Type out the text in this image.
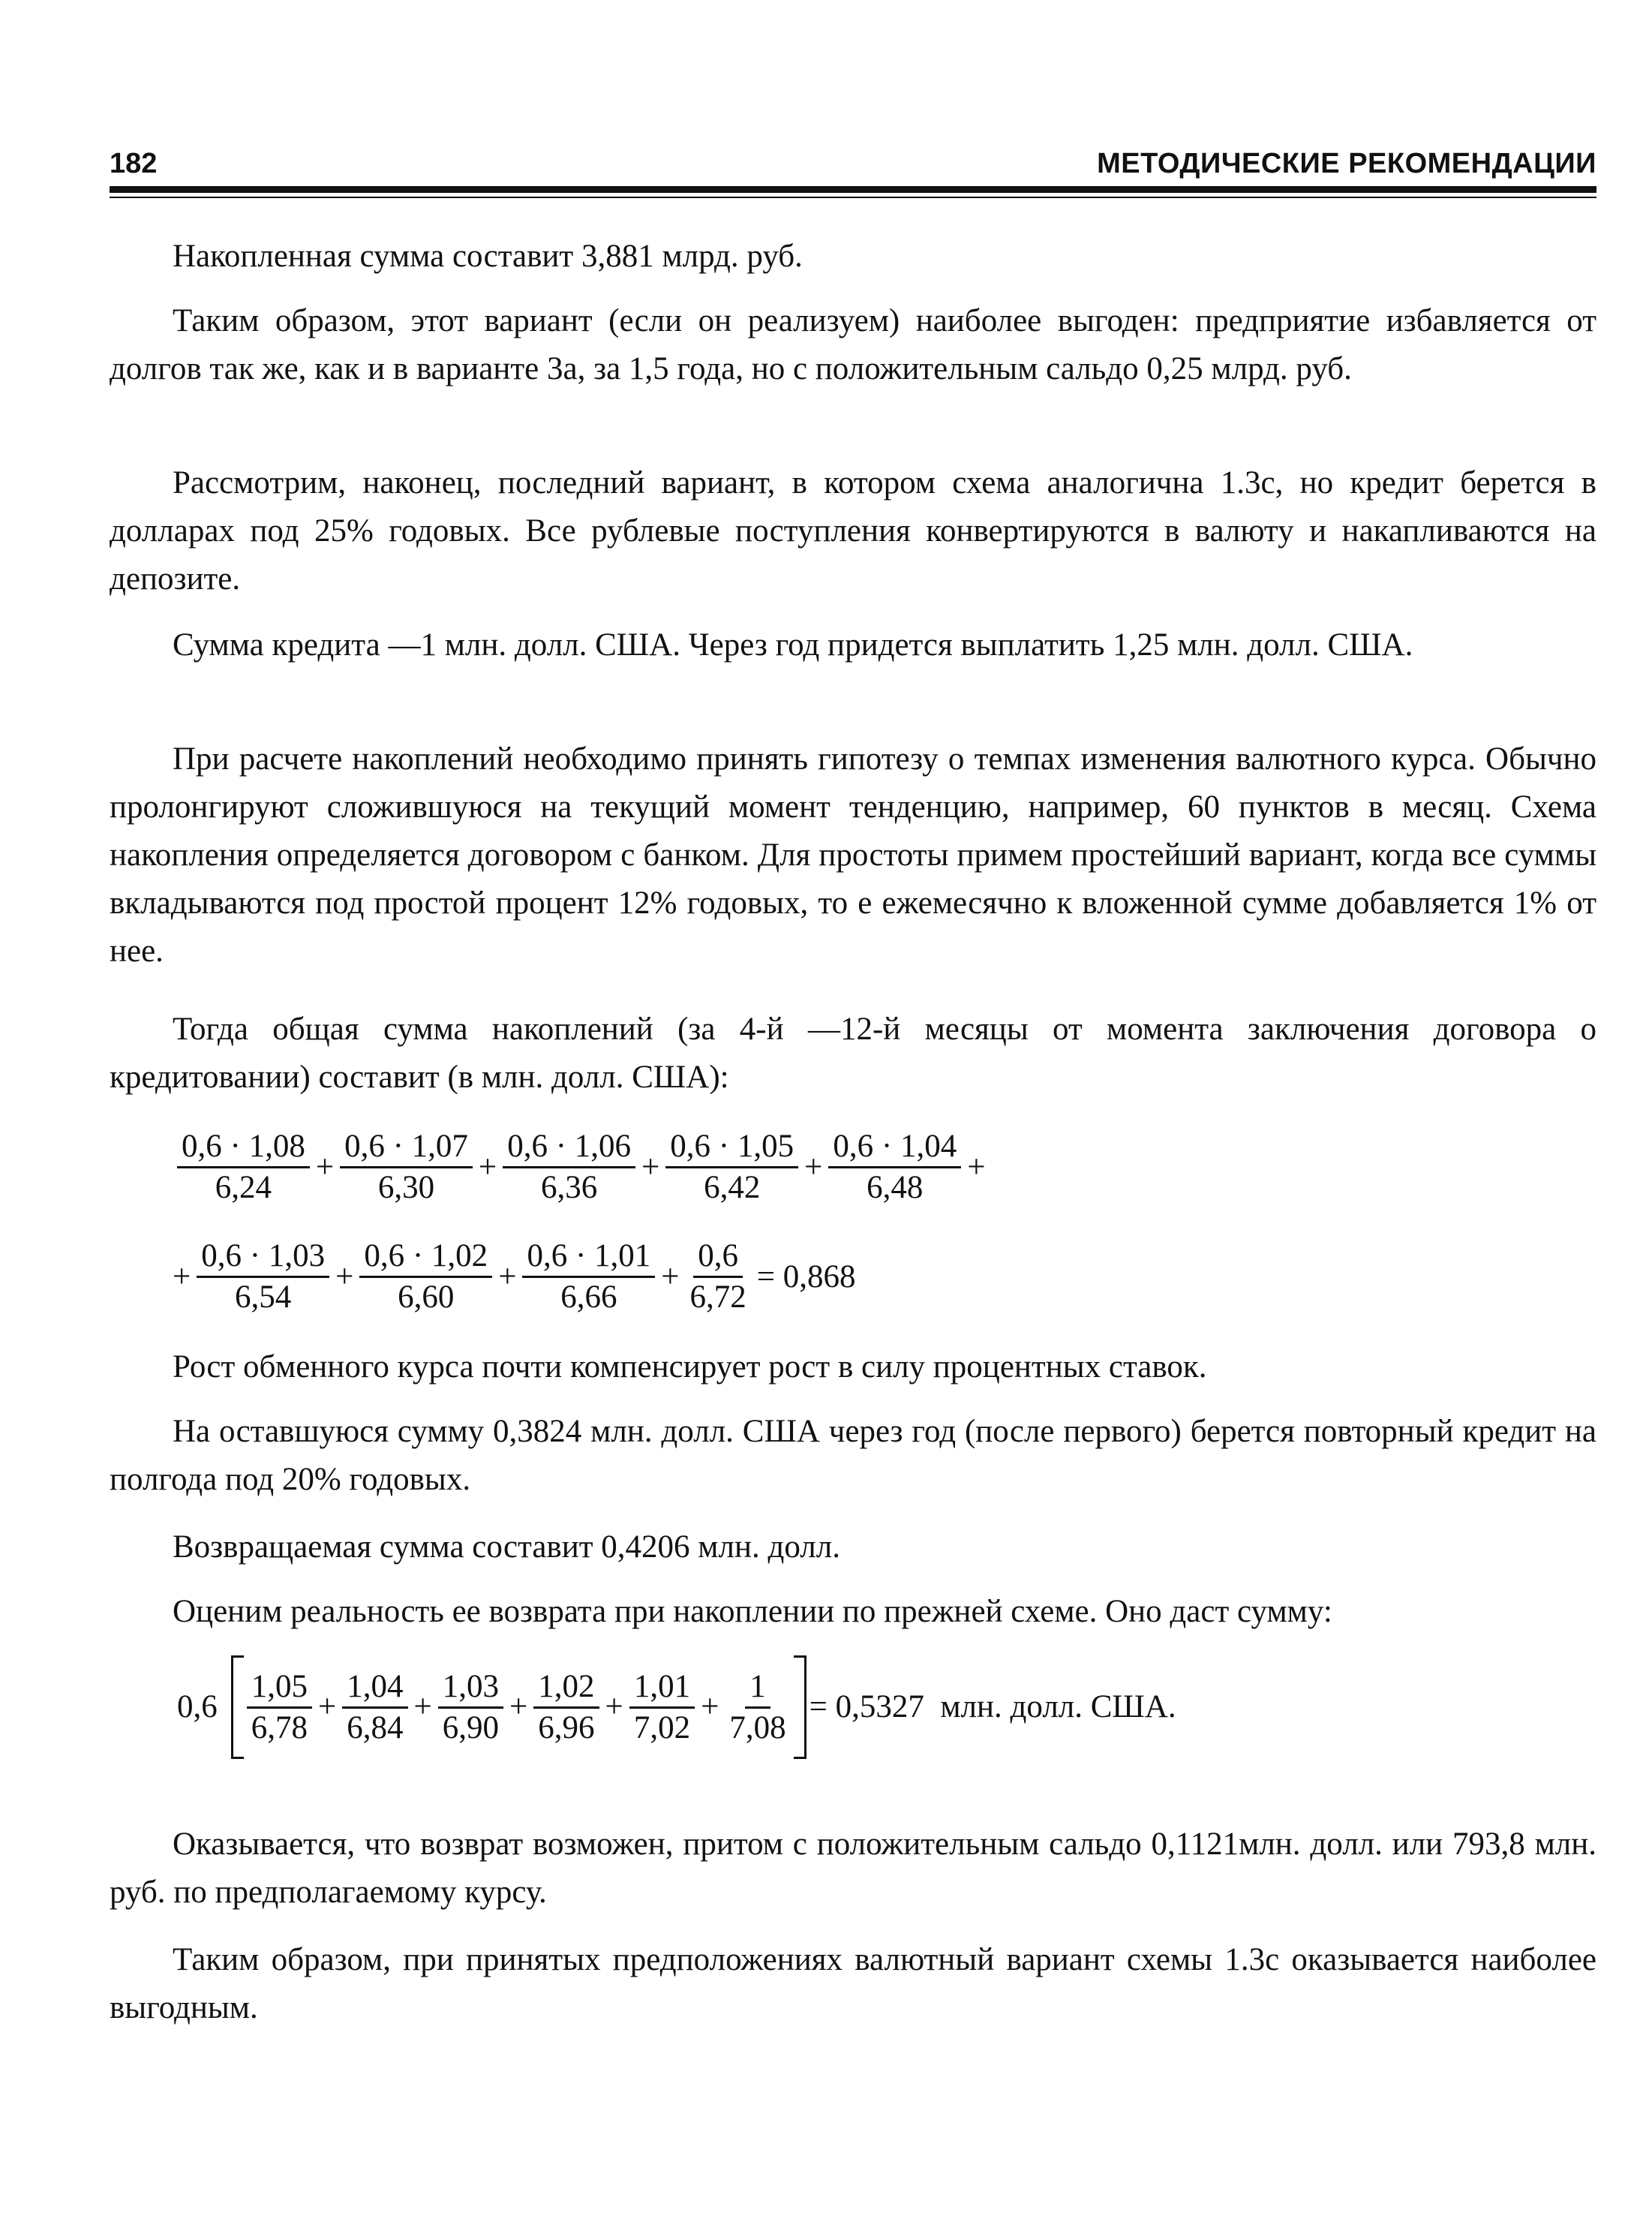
182	МЕТОДИЧЕСКИЕ РЕКОМЕНДАЦИИ

Накопленная сумма составит 3,881 млрд. руб.

Таким образом, этот вариант (если он реализуем) наиболее выгоден: предприятие избавляется от долгов так же, как и в варианте 3а, за 1,5 года, но с положительным сальдо 0,25 млрд. руб.

Рассмотрим, наконец, последний вариант, в котором схема аналогична 1.3с, но кредит берется в долларах под 25% годовых. Все рублевые поступления конвертируются в валюту и накапливаются на депозите.

Сумма кредита —1 млн. долл. США. Через год придется выплатить 1,25 млн. долл. США.

При расчете накоплений необходимо принять гипотезу о темпах изменения валютного курса. Обычно пролонгируют сложившуюся на текущий момент тенденцию, например, 60 пунктов в месяц. Схема накопления определяется договором с банком. Для простоты примем простейший вариант, когда все суммы вкладываются под простой процент 12% годовых, то е ежемесячно к вложенной сумме добавляется 1% от нее.

Тогда общая сумма накоплений (за 4-й —12-й месяцы от момента заключения договора о кредитовании) составит (в млн. долл. США):

$\frac{0,6 \cdot 1,08}{6,24} + \frac{0,6 \cdot 1,07}{6,30} + \frac{0,6 \cdot 1,06}{6,36} + \frac{0,6 \cdot 1,05}{6,42} + \frac{0,6 \cdot 1,04}{6,48}$ +
+ $\frac{0,6 \cdot 1,03}{6,54} + \frac{0,6 \cdot 1,02}{6,60} + \frac{0,6 \cdot 1,01}{6,66} + \frac{0,6}{6,72} = 0,868$

Рост обменного курса почти компенсирует рост в силу процентных ставок.

На оставшуюся сумму 0,3824 млн. долл. США через год (после первого) берется повторный кредит на полгода под 20% годовых.

Возвращаемая сумма составит 0,4206 млн. долл.

Оценим реальность ее возврата при накоплении по прежней схеме. Оно даст сумму:

$0,6 \frac{1,05}{6,78} + \frac{1,04}{6,84} + \frac{1,03}{6,90} + \frac{1,02}{6,96} + \frac{1,01}{7,02} + \frac{1}{7,08} = 0,5327$  млн. долл. США.

Оказывается, что возврат возможен, притом с положительным сальдо 0,1121млн. долл. или 793,8 млн. руб. по предполагаемому курсу.

Таким образом, при принятых предположениях валютный вариант схемы 1.3с оказывается наиболее выгодным.
